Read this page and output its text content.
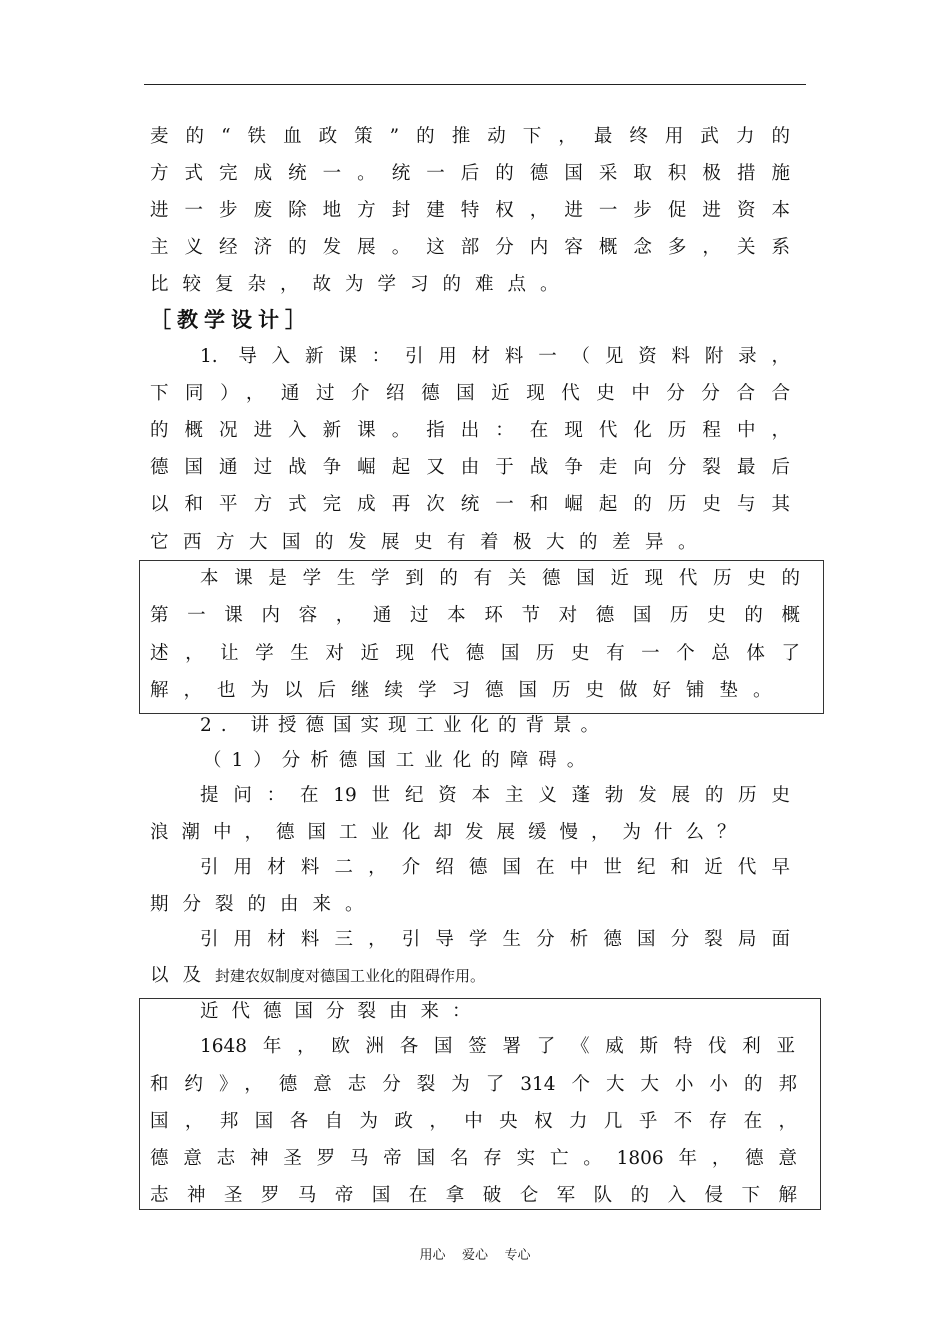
麦的“铁血政策”的推动下，最终用武力的
方式完成统一。统一后的德国采取积极措施
进一步废除地方封建特权，进一步促进资本
主义经济的发展。这部分内容概念多，关系
比较复杂，故为学习的难点。
［教学设计］
1. 导入新课：引用材料一（见资料附录，
下同），通过介绍德国近现代史中分分合合
的概况进入新课。指出：在现代化历程中，
德国通过战争崛起又由于战争走向分裂最后
以和平方式完成再次统一和崛起的历史与其
它西方大国的发展史有着极大的差异。
本课是学生学到的有关德国近现代历史的
第一课内容，通过本环节对德国历史的概
述，让学生对近现代德国历史有一个总体了
解，也为以后继续学习德国历史做好铺垫。
2. 讲授德国实现工业化的背景。
（1）分析德国工业化的障碍。
提问：在19世纪资本主义蓬勃发展的历史
浪潮中，德国工业化却发展缓慢，为什么？
引用材料二，介绍德国在中世纪和近代早
期分裂的由来。
引用材料三，引导学生分析德国分裂局面
以及封建农奴制度对德国工业化的阻碍作用。
近代德国分裂由来：
1648年，欧洲各国签署了《威斯特伐利亚
和约》，德意志分裂为了314个大大小小的邦
国，邦国各自为政，中央权力几乎不存在，
德意志神圣罗马帝国名存实亡。1806年，德意
志神圣罗马帝国在拿破仑军队的入侵下解
用心    爱心    专心
